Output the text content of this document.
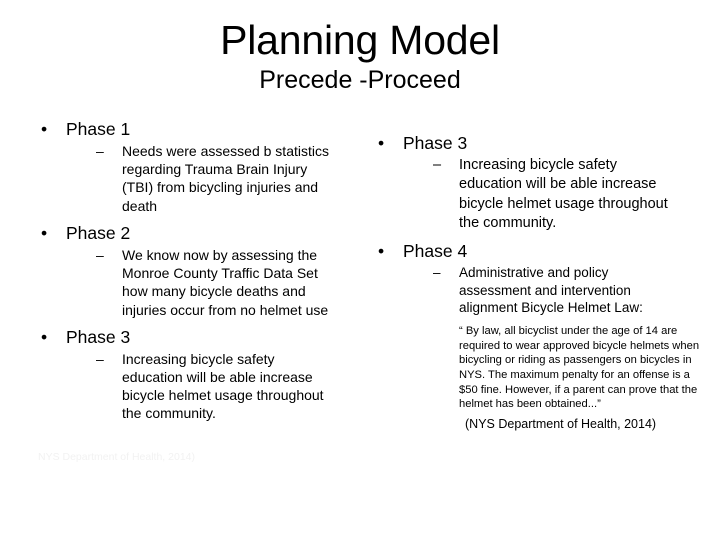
Planning Model
Precede -Proceed
• Phase 1
– Needs were assessed b statistics regarding Trauma Brain Injury (TBI) from bicycling injuries and death
• Phase 2
– We know now by assessing the Monroe County Traffic Data Set how many bicycle deaths and injuries occur from no helmet use
• Phase 3
– Increasing bicycle safety education will be able increase bicycle helmet usage throughout the community.
• Phase 3
– Increasing bicycle safety education will be able increase bicycle helmet usage throughout the community.
• Phase 4
– Administrative and policy assessment and intervention alignment Bicycle Helmet Law:
“ By law, all bicyclist under the age of 14 are required to wear approved bicycle helmets when bicycling or riding as passengers on bicycles in NYS. The maximum penalty for an offense is a $50 fine. However, if a parent can prove that the helmet has been obtained...”
(NYS Department of Health, 2014)
NYS Department of Health, 2014)
